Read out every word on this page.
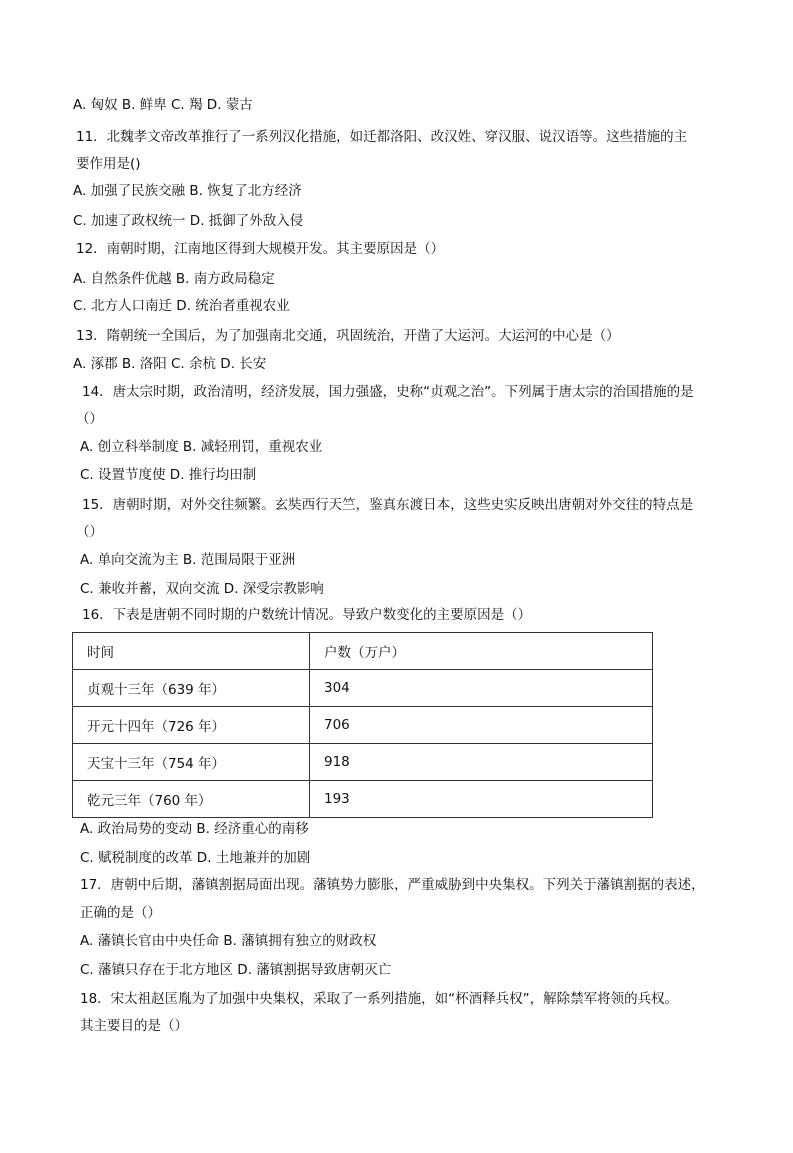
A. 匈奴 B. 鲜卑 C. 羯 D. 蒙古
11．北魏孝文帝改革推行了一系列汉化措施，如迁都洛阳、改汉姓、穿汉服、说汉语等。这些措施的主
要作用是()
A. 加强了民族交融 B. 恢复了北方经济
C. 加速了政权统一 D. 抵御了外敌入侵
12．南朝时期，江南地区得到大规模开发。其主要原因是（）
A. 自然条件优越 B. 南方政局稳定
C. 北方人口南迁 D. 统治者重视农业
13．隋朝统一全国后，为了加强南北交通，巩固统治，开凿了大运河。大运河的中心是（）
A. 涿郡 B. 洛阳 C. 余杭 D. 长安
14．唐太宗时期，政治清明，经济发展，国力强盛，史称“贞观之治”。下列属于唐太宗的治国措施的是
（）
A. 创立科举制度 B. 减轻刑罚，重视农业
C. 设置节度使 D. 推行均田制
15．唐朝时期，对外交往频繁。玄奘西行天竺，鉴真东渡日本，这些史实反映出唐朝对外交往的特点是
（）
A. 单向交流为主 B. 范围局限于亚洲
C. 兼收并蓄，双向交流 D. 深受宗教影响
16．下表是唐朝不同时期的户数统计情况。导致户数变化的主要原因是（）
A. 政治局势的变动 B. 经济重心的南移
C. 赋税制度的改革 D. 土地兼并的加剧
17．唐朝中后期，藩镇割据局面出现。藩镇势力膨胀，严重威胁到中央集权。下列关于藩镇割据的表述，
正确的是（）
A. 藩镇长官由中央任命 B. 藩镇拥有独立的财政权
C. 藩镇只存在于北方地区 D. 藩镇割据导致唐朝灭亡
18．宋太祖赵匡胤为了加强中央集权，采取了一系列措施，如“杯酒释兵权”，解除禁军将领的兵权。
其主要目的是（）
时间	户数（万户）
贞观十三年（639 年）	304
开元十四年（726 年）	706
天宝十三年（754 年）	918
乾元三年（760 年）	193
